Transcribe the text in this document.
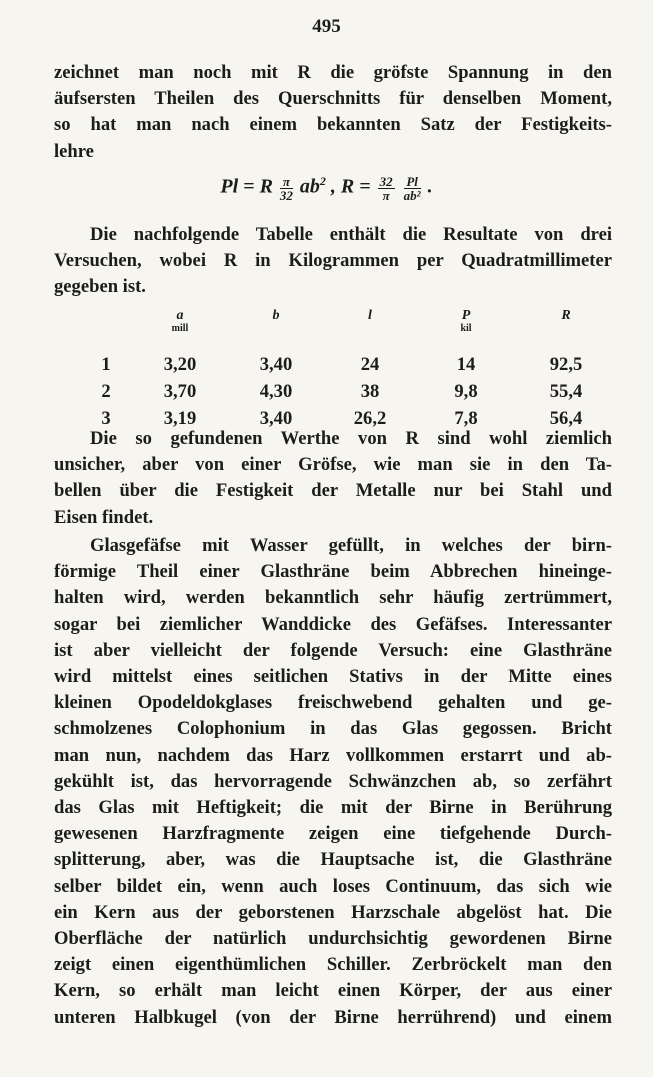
495

zeichnet man noch mit R die gröfste Spannung in den
äufsersten Theilen des Querschnitts für denselben Moment,
so hat man nach einem bekannten Satz der Festigkeits-
lehre

Pl = R $\frac{\pi}{32} ab^2$ , $R = \frac{32}{\pi}$
$\frac{Pl}{\text{ab²}}$ .

Die nachfolgende Tabelle enthält die Resultate von drei
Versuchen, wobei R in Kilogrammen per Quadratmillimeter
gegeben ist.

	a	b	l	P	R
	mill			kil	
1	3,20	3,40	24	14	92,5
2	3,70	4,30	38	9,8	55,4
3	3,19	3,40	26,2	7,8	56,4

Die so gefundenen Werthe von R sind wohl ziemlich
unsicher, aber von einer Gröfse, wie man sie in den Ta-
bellen über die Festigkeit der Metalle nur bei Stahl und
Eisen findet.

Glasgefäfse mit Wasser gefüllt, in welches der birn-
förmige Theil einer Glasthräne beim Abbrechen hineinge-
halten wird, werden bekanntlich sehr häufig zertrümmert,
sogar bei ziemlicher Wanddicke des Gefäfses. Interessanter
ist aber vielleicht der folgende Versuch: eine Glasthräne
wird mittelst eines seitlichen Stativs in der Mitte eines
kleinen Opodeldokglases freischwebend gehalten und ge-
schmolzenes Colophonium in das Glas gegossen. Bricht
man nun, nachdem das Harz vollkommen erstarrt und ab-
gekühlt ist, das hervorragende Schwänzchen ab, so zerfährt
das Glas mit Heftigkeit; die mit der Birne in Berührung
gewesenen Harzfragmente zeigen eine tiefgehende Durch-
splitterung, aber, was die Hauptsache ist, die Glasthräne
selber bildet ein, wenn auch loses Continuum, das sich wie
ein Kern aus der geborstenen Harzschale abgelöst hat. Die
Oberfläche der natürlich undurchsichtig gewordenen Birne
zeigt einen eigenthümlichen Schiller. Zerbröckelt man den
Kern, so erhält man leicht einen Körper, der aus einer
unteren Halbkugel (von der Birne herrührend) und einem
